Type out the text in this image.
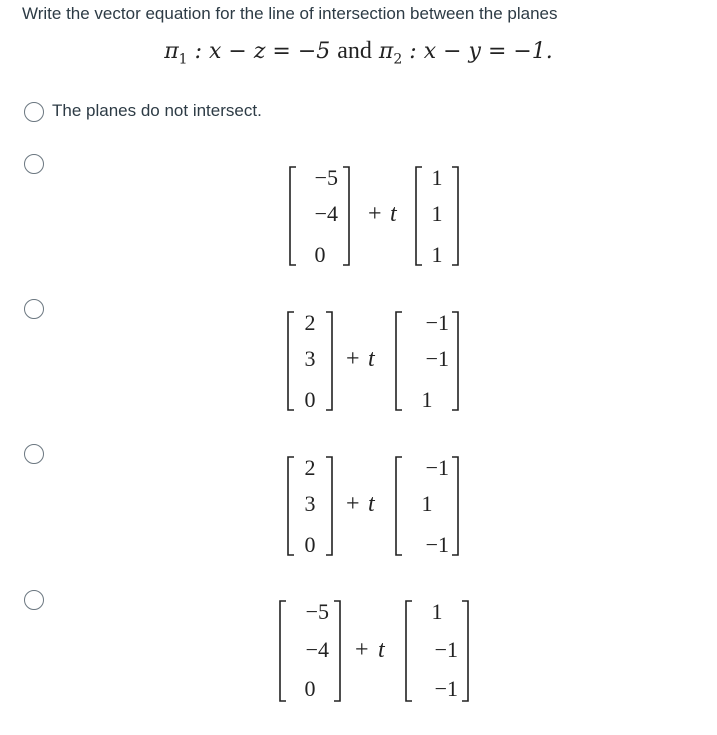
Write the vector equation for the line of intersection between the planes
$\pi_1$ : x − z = −5 and $\pi_2$ : x − y = −1.
The planes do not intersect.
−5
−4
0
+ t
1
1
1
2
3
0
+ t
−1
−1
1
2
3
0
+ t
−1
1
−1
−5
−4
0
+ t
1
−1
−1
